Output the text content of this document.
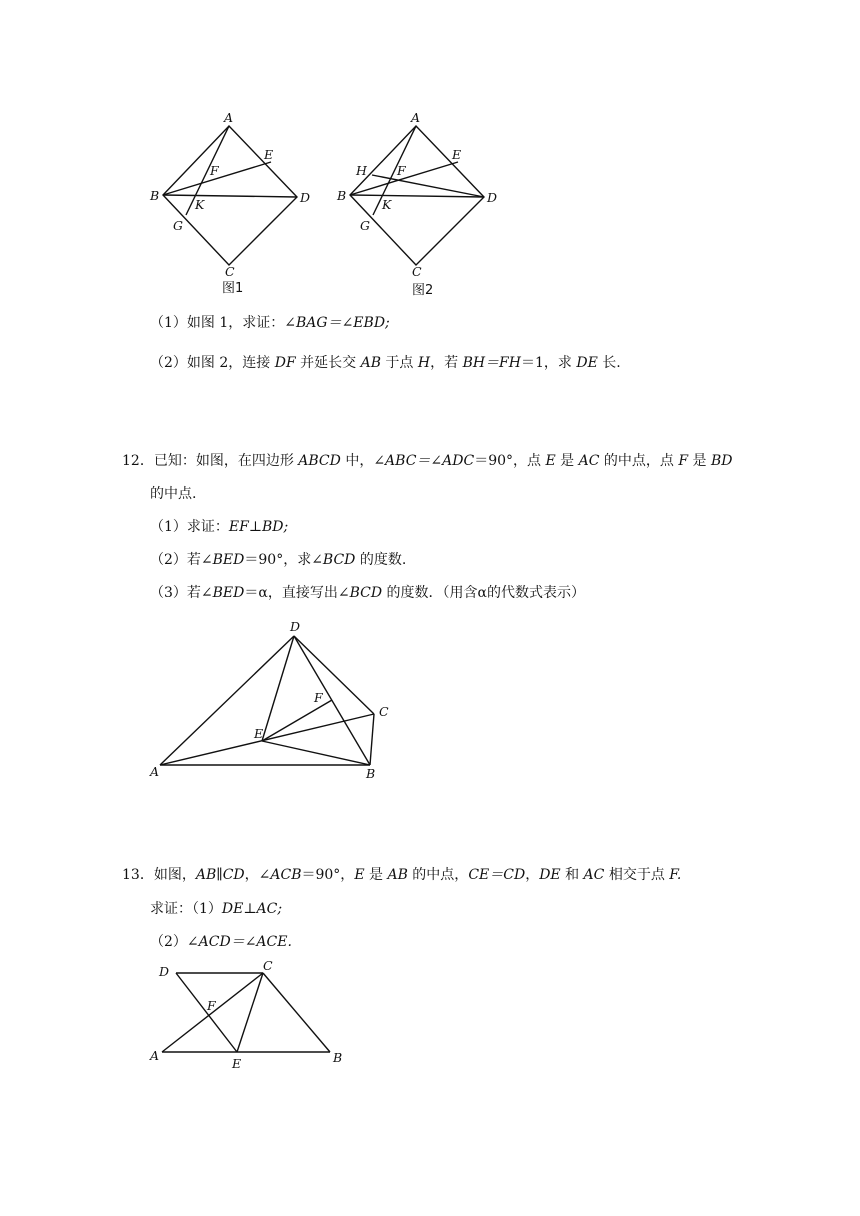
A
E
F
B	D
K
G
C
图1
A
E
H F
B	D
K
G
C
图2
（1）如图 1，求证：∠BAG＝∠EBD;
（2）如图 2，连接 DF 并延长交 AB 于点 H，若 BH＝FH＝1，求 DE 长.
12．已知：如图，在四边形 ABCD 中，∠ABC＝∠ADC＝90°，点 E 是 AC 的中点，点 F 是 BD
的中点.
（1）求证：EF⊥BD;
（2）若∠BED＝90°，求∠BCD 的度数.
（3）若∠BED＝α，直接写出∠BCD 的度数．（用含α的代数式表示）
D
F
C
E
A	B
13．如图，AB∥CD，∠ACB＝90°，E 是 AB 的中点，CE＝CD，DE 和 AC 相交于点 F.
求证：（1）DE⊥AC;
（2）∠ACD＝∠ACE.
D	C
F
A
E	B
